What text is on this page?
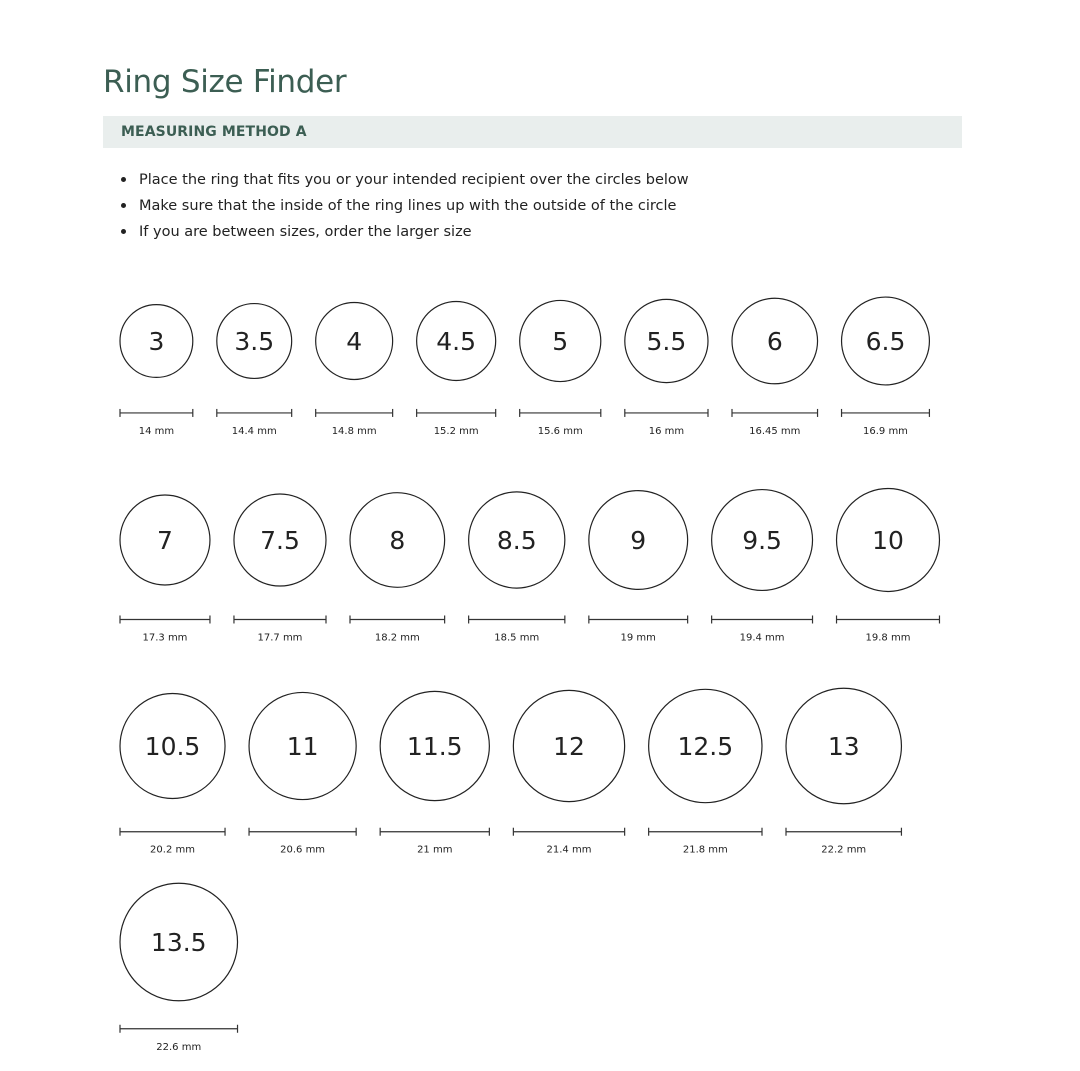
Ring Size Finder
MEASURING METHOD A
Place the ring that fits you or your intended recipient over the circles below
Make sure that the inside of the ring lines up with the outside of the circle
If you are between sizes, order the larger size
3
14 mm
3.5
14.4 mm
4
14.8 mm
4.5
15.2 mm
5
15.6 mm
5.5
16 mm
6
16.45 mm
6.5
16.9 mm
7
17.3 mm
7.5
17.7 mm
8
18.2 mm
8.5
18.5 mm
9
19 mm
9.5
19.4 mm
10
19.8 mm
10.5
20.2 mm
11
20.6 mm
11.5
21 mm
12
21.4 mm
12.5
21.8 mm
13
22.2 mm
13.5
22.6 mm
